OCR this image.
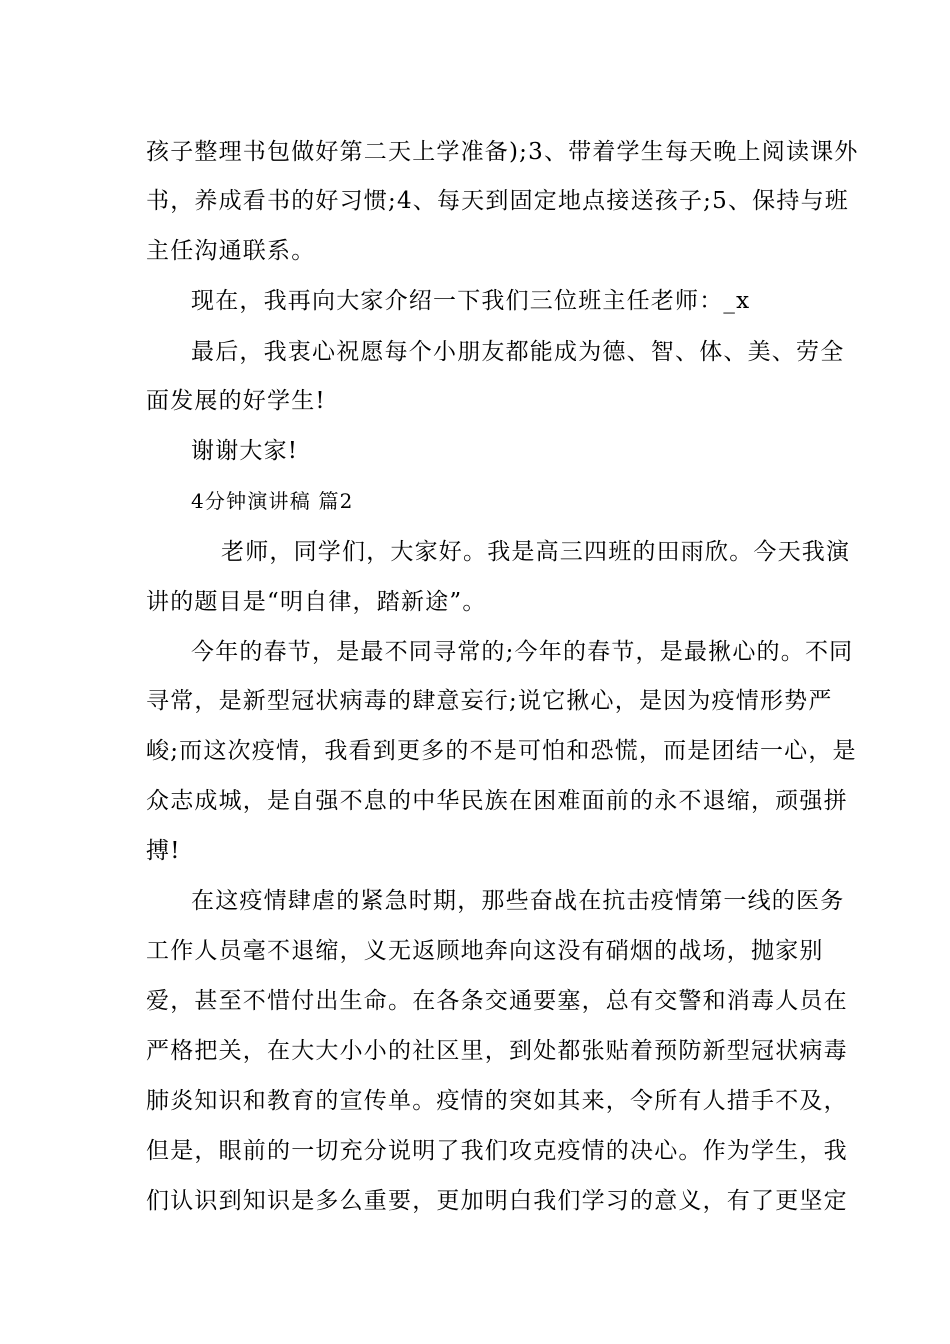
孩子整理书包做好第二天上学准备);3、带着学生每天晚上阅读课外
书，养成看书的好习惯;4、每天到固定地点接送孩子;5、保持与班
主任沟通联系。
现在，我再向大家介绍一下我们三位班主任老师：_x
最后，我衷心祝愿每个小朋友都能成为德、智、体、美、劳全
面发展的好学生!
谢谢大家!
4分钟演讲稿 篇2
老师，同学们，大家好。我是高三四班的田雨欣。今天我演
讲的题目是“明自律，踏新途”。
今年的春节，是最不同寻常的;今年的春节，是最揪心的。不同
寻常，是新型冠状病毒的肆意妄行;说它揪心，是因为疫情形势严
峻;而这次疫情，我看到更多的不是可怕和恐慌，而是团结一心，是
众志成城，是自强不息的中华民族在困难面前的永不退缩，顽强拼
搏!
在这疫情肆虐的紧急时期，那些奋战在抗击疫情第一线的医务
工作人员毫不退缩，义无返顾地奔向这没有硝烟的战场，抛家别
爱，甚至不惜付出生命。在各条交通要塞，总有交警和消毒人员在
严格把关，在大大小小的社区里，到处都张贴着预防新型冠状病毒
肺炎知识和教育的宣传单。疫情的突如其来，令所有人措手不及，
但是，眼前的一切充分说明了我们攻克疫情的决心。作为学生，我
们认识到知识是多么重要，更加明白我们学习的意义，有了更坚定
